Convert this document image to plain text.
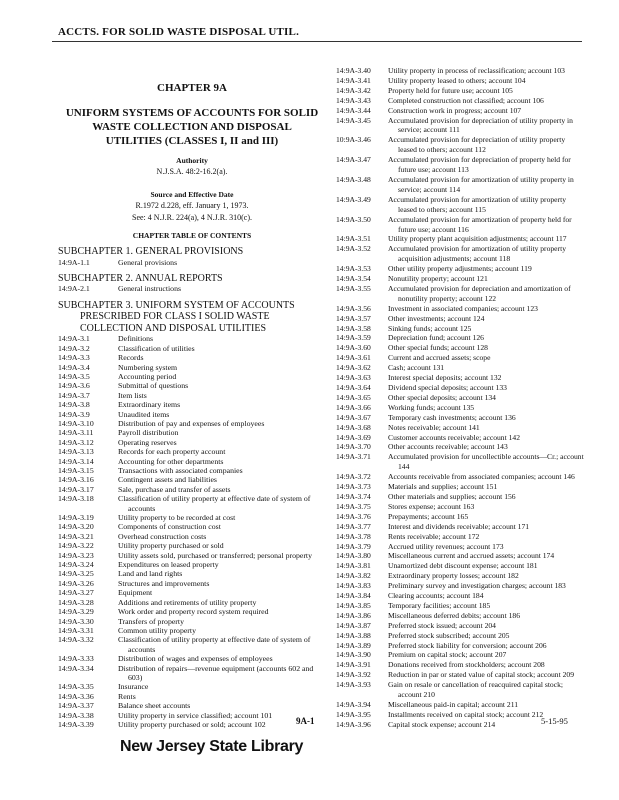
ACCTS. FOR SOLID WASTE DISPOSAL UTIL.
CHAPTER 9A
UNIFORM SYSTEMS OF ACCOUNTS FOR SOLID WASTE COLLECTION AND DISPOSAL UTILITIES (CLASSES I, II and III)
Authority
N.J.S.A. 48:2-16.2(a).
Source and Effective Date
R.1972 d.228, eff. January 1, 1973.
See: 4 N.J.R. 224(a), 4 N.J.R. 310(c).
CHAPTER TABLE OF CONTENTS
SUBCHAPTER 1. GENERAL PROVISIONS
14:9A-1.1	General provisions
SUBCHAPTER 2. ANNUAL REPORTS
14:9A-2.1	General instructions
SUBCHAPTER 3. UNIFORM SYSTEM OF ACCOUNTS PRESCRIBED FOR CLASS I SOLID WASTE COLLECTION AND DISPOSAL UTILITIES
14:9A-3.1	Definitions
14:9A-3.2	Classification of utilities
14:9A-3.3	Records
14:9A-3.4	Numbering system
14:9A-3.5	Accounting period
14:9A-3.6	Submittal of questions
14:9A-3.7	Item lists
14:9A-3.8	Extraordinary items
14:9A-3.9	Unaudited items
14:9A-3.10	Distribution of pay and expenses of employees
14:9A-3.11	Payroll distribution
14:9A-3.12	Operating reserves
14:9A-3.13	Records for each property account
14:9A-3.14	Accounting for other departments
14:9A-3.15	Transactions with associated companies
14:9A-3.16	Contingent assets and liabilities
14:9A-3.17	Sale, purchase and transfer of assets
14:9A-3.18	Classification of utility property at effective date of system of accounts
14:9A-3.19	Utility property to be recorded at cost
14:9A-3.20	Components of construction cost
14:9A-3.21	Overhead construction costs
14:9A-3.22	Utility property purchased or sold
14:9A-3.23	Utility assets sold, purchased or transferred; personal property
14:9A-3.24	Expenditures on leased property
14:9A-3.25	Land and land rights
14:9A-3.26	Structures and improvements
14:9A-3.27	Equipment
14:9A-3.28	Additions and retirements of utility property
14:9A-3.29	Work order and property record system required
14:9A-3.30	Transfers of property
14:9A-3.31	Common utility property
14:9A-3.32	Classification of utility property at effective date of system of accounts
14:9A-3.33	Distribution of wages and expenses of employees
14:9A-3.34	Distribution of repairs—revenue equipment (accounts 602 and 603)
14:9A-3.35	Insurance
14:9A-3.36	Rents
14:9A-3.37	Balance sheet accounts
14:9A-3.38	Utility property in service classified; account 101
14:9A-3.39	Utility property purchased or sold; account 102
14:9A-3.40	Utility property in process of reclassification; account 103
14:9A-3.41	Utility property leased to others; account 104
14:9A-3.42	Property held for future use; account 105
14:9A-3.43	Completed construction not classified; account 106
14:9A-3.44	Construction work in progress; account 107
14:9A-3.45	Accumulated provision for depreciation of utility property in service; account 111
10:9A-3.46	Accumulated provision for depreciation of utility property leased to others; account 112
14:9A-3.47	Accumulated provision for depreciation of property held for future use; account 113
14:9A-3.48	Accumulated provision for amortization of utility property in service; account 114
14:9A-3.49	Accumulated provision for amortization of utility property leased to others; account 115
14:9A-3.50	Accumulated provision for amortization of property held for future use; account 116
14:9A-3.51	Utility property plant acquisition adjustments; account 117
14:9A-3.52	Accumulated provision for amortization of utility property acquisition adjustments; account 118
14:9A-3.53	Other utility property adjustments; account 119
14:9A-3.54	Nonutility property; account 121
14:9A-3.55	Accumulated provision for depreciation and amortization of nonutility property; account 122
14:9A-3.56	Investment in associated companies; account 123
14:9A-3.57	Other investments; account 124
14:9A-3.58	Sinking funds; account 125
14:9A-3.59	Depreciation fund; account 126
14:9A-3.60	Other special funds; account 128
14:9A-3.61	Current and accrued assets; scope
14:9A-3.62	Cash; account 131
14:9A-3.63	Interest special deposits; account 132
14:9A-3.64	Dividend special deposits; account 133
14:9A-3.65	Other special deposits; account 134
14:9A-3.66	Working funds; account 135
14:9A-3.67	Temporary cash investments; account 136
14:9A-3.68	Notes receivable; account 141
14:9A-3.69	Customer accounts receivable; account 142
14:9A-3.70	Other accounts receivable; account 143
14:9A-3.71	Accumulated provision for uncollectible accounts—Cr.; account 144
14:9A-3.72	Accounts receivable from associated companies; account 146
14:9A-3.73	Materials and supplies; account 151
14:9A-3.74	Other materials and supplies; account 156
14:9A-3.75	Stores expense; account 163
14:9A-3.76	Prepayments; account 165
14:9A-3.77	Interest and dividends receivable; account 171
14:9A-3.78	Rents receivable; account 172
14:9A-3.79	Accrued utility revenues; account 173
14:9A-3.80	Miscellaneous current and accrued assets; account 174
14:9A-3.81	Unamortized debt discount expense; account 181
14:9A-3.82	Extraordinary property losses; account 182
14:9A-3.83	Preliminary survey and investigation charges; account 183
14:9A-3.84	Clearing accounts; account 184
14:9A-3.85	Temporary facilities; account 185
14:9A-3.86	Miscellaneous deferred debits; account 186
14:9A-3.87	Preferred stock issued; account 204
14:9A-3.88	Preferred stock subscribed; account 205
14:9A-3.89	Preferred stock liability for conversion; account 206
14:9A-3.90	Premium on capital stock; account 207
14:9A-3.91	Donations received from stockholders; account 208
14:9A-3.92	Reduction in par or stated value of capital stock; account 209
14:9A-3.93	Gain on resale or cancellation of reacquired capital stock; account 210
14:9A-3.94	Miscellaneous paid-in capital; account 211
14:9A-3.95	Installments received on capital stock; account 212
14:9A-3.96	Capital stock expense; account 214
9A-1	5-15-95
New Jersey State Library
